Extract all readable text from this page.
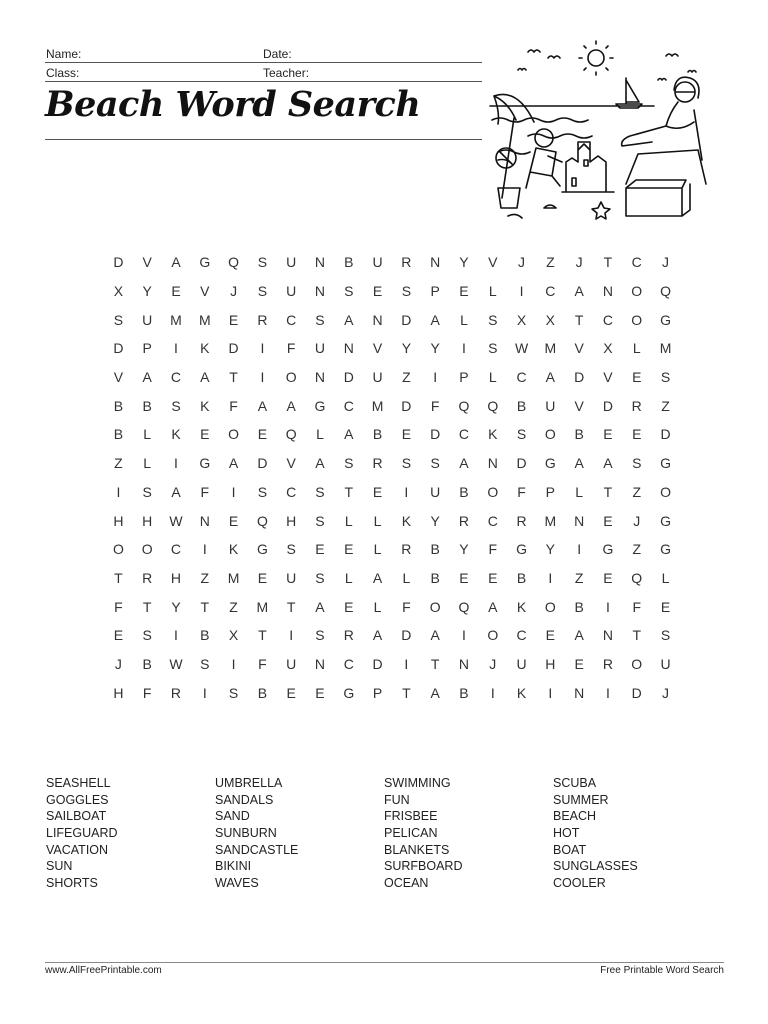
Name:	Date:
Class:	Teacher:
Beach Word Search
D	V	A	G	Q	S	U	N	B	U	R	N	Y	V	J	Z	J	T	C	J
X	Y	E	V	J	S	U	N	S	E	S	P	E	L	I	C	A	N	O	Q
S	U	M	M	E	R	C	S	A	N	D	A	L	S	X	X	T	C	O	G
D	P	I	K	D	I	F	U	N	V	Y	Y	I	S	W	M	V	X	L	M
V	A	C	A	T	I	O	N	D	U	Z	I	P	L	C	A	D	V	E	S
B	B	S	K	F	A	A	G	C	M	D	F	Q	Q	B	U	V	D	R	Z
B	L	K	E	O	E	Q	L	A	B	E	D	C	K	S	O	B	E	E	D
Z	L	I	G	A	D	V	A	S	R	S	S	A	N	D	G	A	A	S	G
I	S	A	F	I	S	C	S	T	E	I	U	B	O	F	P	L	T	Z	O
H	H	W	N	E	Q	H	S	L	L	K	Y	R	C	R	M	N	E	J	G
O	O	C	I	K	G	S	E	E	L	R	B	Y	F	G	Y	I	G	Z	G
T	R	H	Z	M	E	U	S	L	A	L	B	E	E	B	I	Z	E	Q	L
F	T	Y	T	Z	M	T	A	E	L	F	O	Q	A	K	O	B	I	F	E
E	S	I	B	X	T	I	S	R	A	D	A	I	O	C	E	A	N	T	S
J	B	W	S	I	F	U	N	C	D	I	T	N	J	U	H	E	R	O	U
H	F	R	I	S	B	E	E	G	P	T	A	B	I	K	I	N	I	D	J
SEASHELL	UMBRELLA	SWIMMING	SCUBA
GOGGLES	SANDALS	FUN	SUMMER
SAILBOAT	SAND	FRISBEE	BEACH
LIFEGUARD	SUNBURN	PELICAN	HOT
VACATION	SANDCASTLE	BLANKETS	BOAT
SUN	BIKINI	SURFBOARD	SUNGLASSES
SHORTS	WAVES	OCEAN	COOLER
www.AllFreePrintable.com	Free Printable Word Search
